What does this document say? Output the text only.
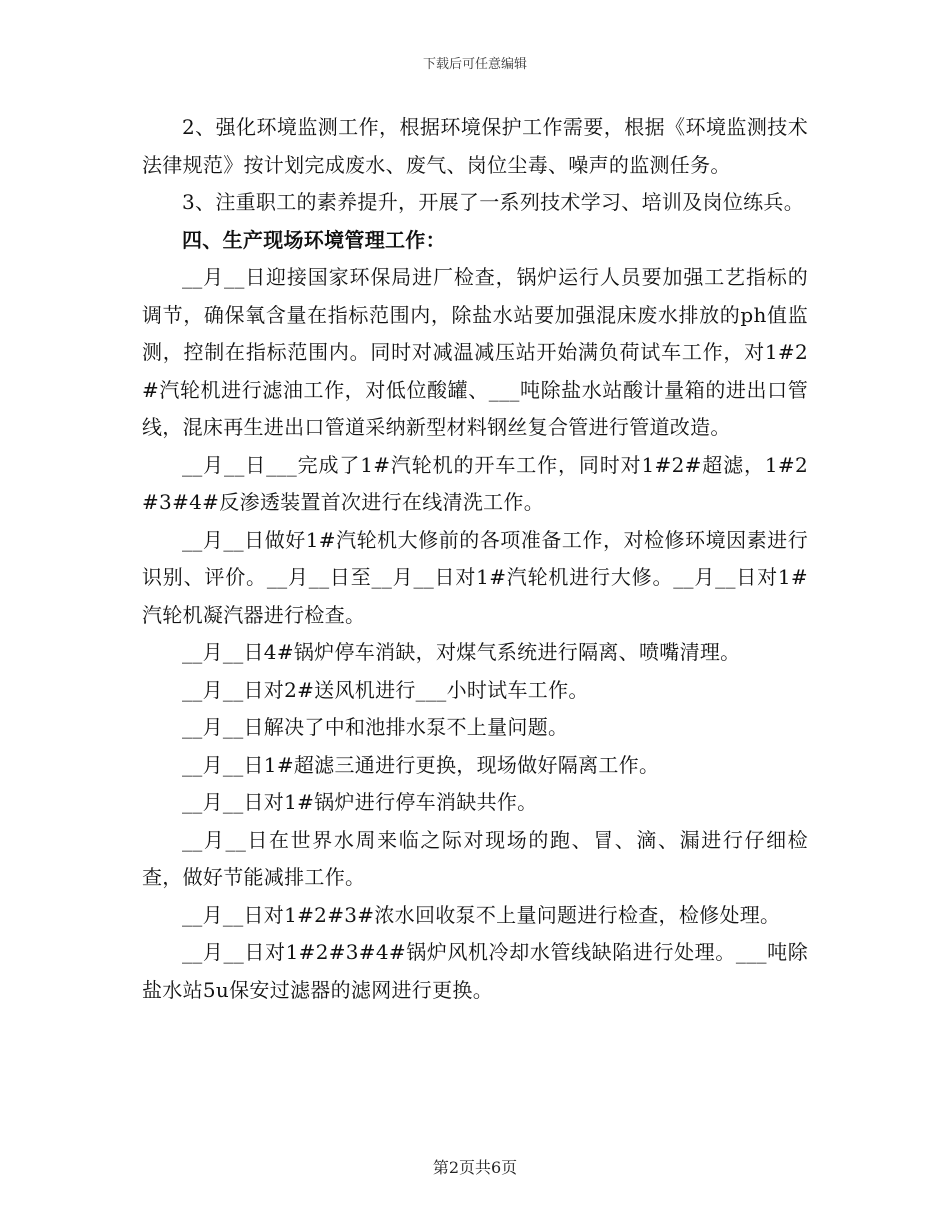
下载后可任意编辑

2、强化环境监测工作，根据环境保护工作需要，根据《环境监测技术法律规范》按计划完成废水、废气、岗位尘毒、噪声的监测任务。

3、注重职工的素养提升，开展了一系列技术学习、培训及岗位练兵。

四、生产现场环境管理工作：

__月__日迎接国家环保局进厂检查，锅炉运行人员要加强工艺指标的调节，确保氧含量在指标范围内，除盐水站要加强混床废水排放的ph值监测，控制在指标范围内。同时对减温减压站开始满负荷试车工作，对1#2#汽轮机进行滤油工作，对低位酸罐、___吨除盐水站酸计量箱的进出口管线，混床再生进出口管道采纳新型材料钢丝复合管进行管道改造。

__月__日___完成了1#汽轮机的开车工作，同时对1#2#超滤，1#2#3#4#反渗透装置首次进行在线清洗工作。

__月__日做好1#汽轮机大修前的各项准备工作，对检修环境因素进行识别、评价。__月__日至__月__日对1#汽轮机进行大修。__月__日对1#汽轮机凝汽器进行检查。

__月__日4#锅炉停车消缺，对煤气系统进行隔离、喷嘴清理。

__月__日对2#送风机进行___小时试车工作。

__月__日解决了中和池排水泵不上量问题。

__月__日1#超滤三通进行更换，现场做好隔离工作。

__月__日对1#锅炉进行停车消缺共作。

__月__日在世界水周来临之际对现场的跑、冒、滴、漏进行仔细检查，做好节能减排工作。

__月__日对1#2#3#浓水回收泵不上量问题进行检查，检修处理。

__月__日对1#2#3#4#锅炉风机冷却水管线缺陷进行处理。___吨除盐水站5u保安过滤器的滤网进行更换。

第2页共6页
